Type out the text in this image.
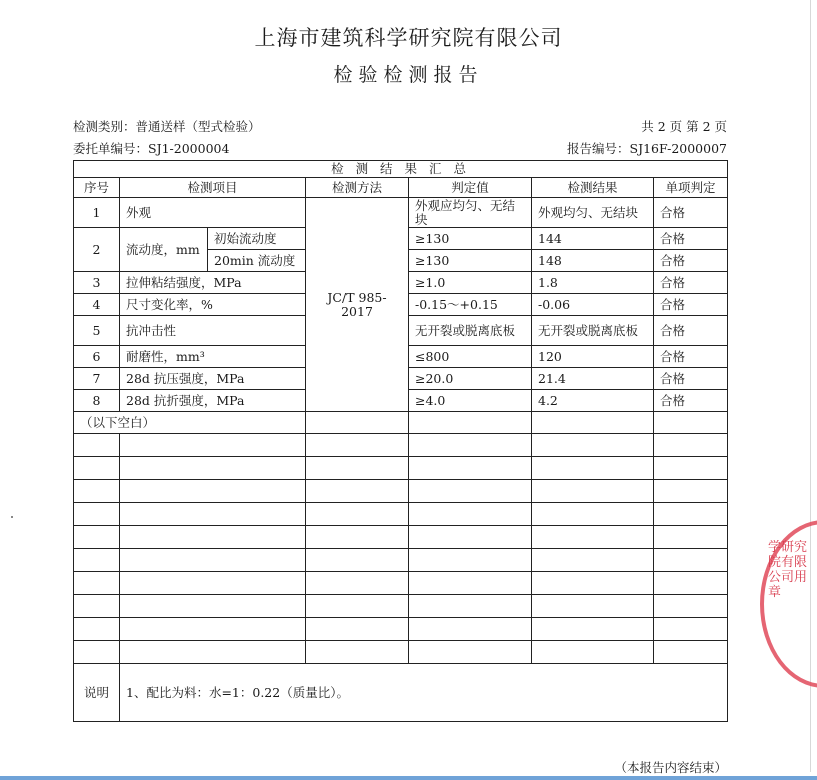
上海市建筑科学研究院有限公司
检验检测报告
检测类别：普通送样（型式检验）	共 2 页 第 2 页
委托单编号：SJ1-2000004	报告编号：SJ16F-2000007
检 测 结 果 汇 总						
序号	检测项目		检测方法	判定值	检测结果	单项判定
1	外观		JC/T 985-2017	外观应均匀、无结块	外观均匀、无结块	合格
2	流动度，mm	初始流动度		≥130	144	合格
		20min 流动度		≥130	148	合格
3	拉伸粘结强度，MPa			≥1.0	1.8	合格
4	尺寸变化率，%			-0.15～+0.15	-0.06	合格
5	抗冲击性			无开裂或脱离底板	无开裂或脱离底板	合格
6	耐磨性，mm³			≤800	120	合格
7	28d 抗压强度，MPa			≥20.0	21.4	合格
8	28d 抗折强度，MPa			≥4.0	4.2	合格
（以下空白）						

说明	1、配比为料：水=1：0.22（质量比）。					
（本报告内容结束）
学研究院有限公司用章
